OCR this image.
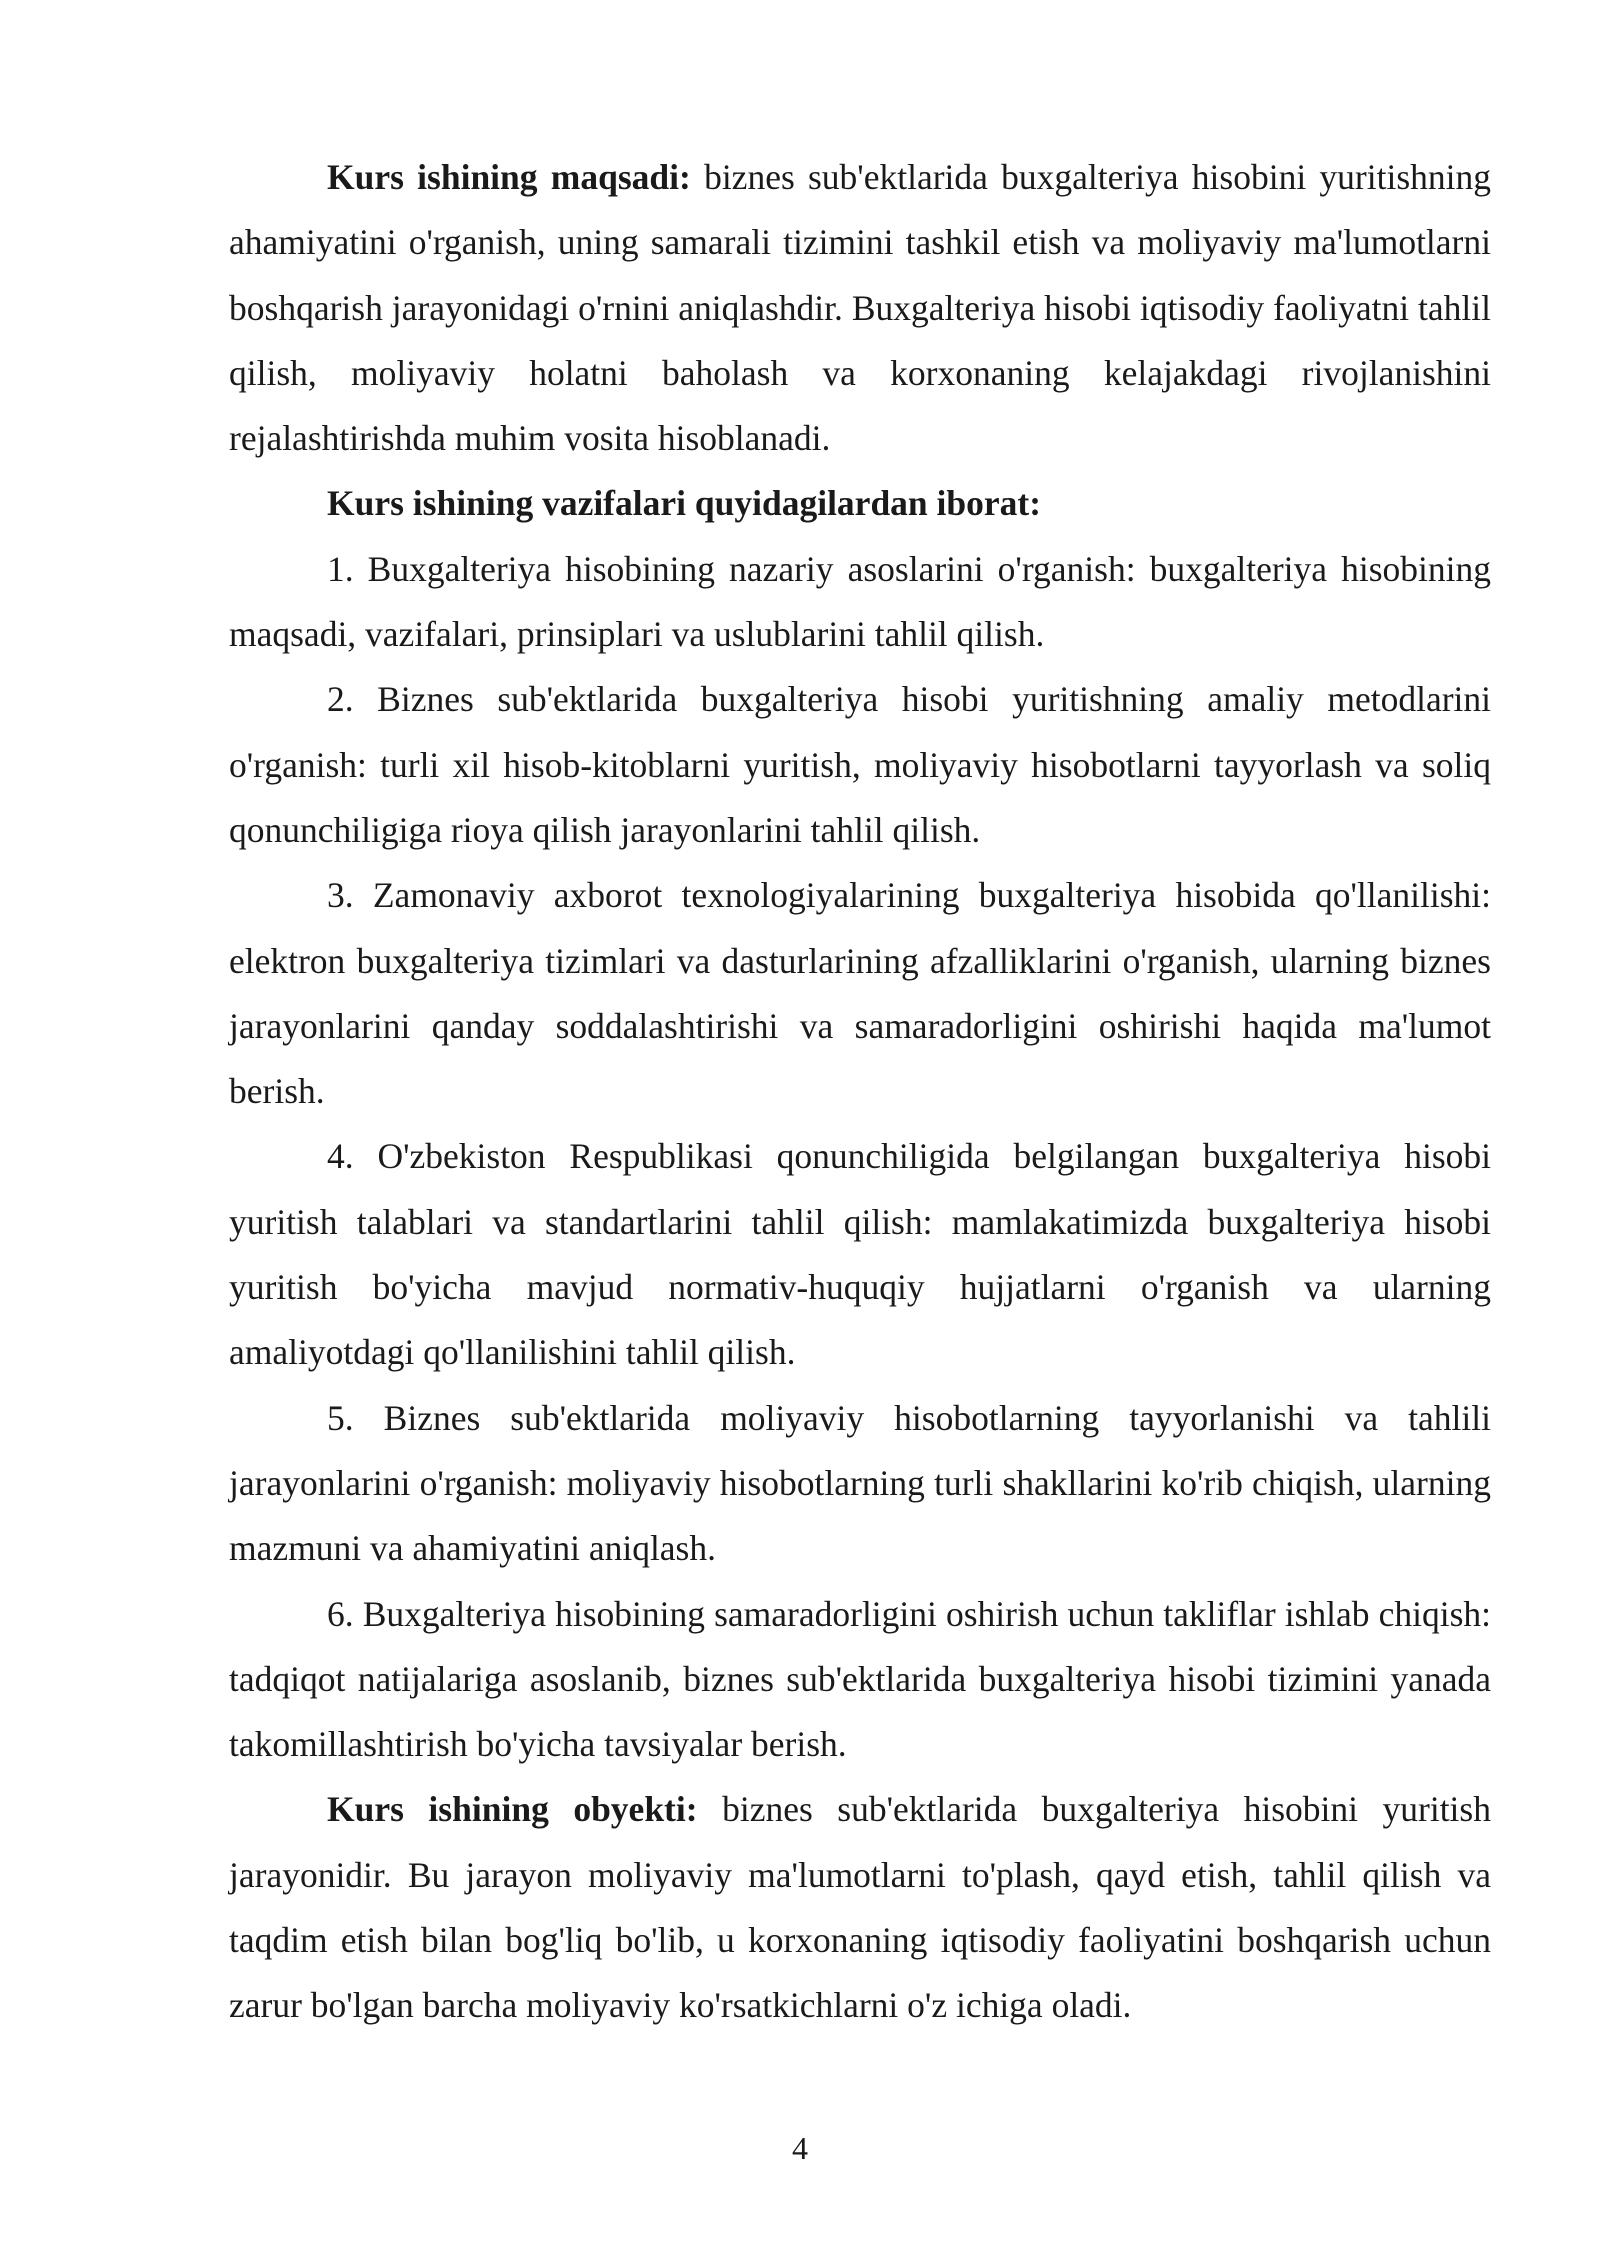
Kurs ishining maqsadi: biznes sub'ektlarida buxgalteriya hisobini yuritishning ahamiyatini o'rganish, uning samarali tizimini tashkil etish va moliyaviy ma'lumotlarni boshqarish jarayonidagi o'rnini aniqlashdir. Buxgalteriya hisobi iqtisodiy faoliyatni tahlil qilish, moliyaviy holatni baholash va korxonaning kelajakdagi rivojlanishini rejalashtirishda muhim vosita hisoblanadi.

Kurs ishining vazifalari quyidagilardan iborat:

1. Buxgalteriya hisobining nazariy asoslarini o'rganish: buxgalteriya hisobining maqsadi, vazifalari, prinsiplari va uslublarini tahlil qilish.

2. Biznes sub'ektlarida buxgalteriya hisobi yuritishning amaliy metodlarini o'rganish: turli xil hisob-kitoblarni yuritish, moliyaviy hisobotlarni tayyorlash va soliq qonunchiligiga rioya qilish jarayonlarini tahlil qilish.

3. Zamonaviy axborot texnologiyalarining buxgalteriya hisobida qo'llanilishi: elektron buxgalteriya tizimlari va dasturlarining afzalliklarini o'rganish, ularning biznes jarayonlarini qanday soddalashtirishi va samaradorligini oshirishi haqida ma'lumot berish.

4. O'zbekiston Respublikasi qonunchiligida belgilangan buxgalteriya hisobi yuritish talablari va standartlarini tahlil qilish: mamlakatimizda buxgalteriya hisobi yuritish bo'yicha mavjud normativ-huquqiy hujjatlarni o'rganish va ularning amaliyotdagi qo'llanilishini tahlil qilish.

5. Biznes sub'ektlarida moliyaviy hisobotlarning tayyorlanishi va tahlili jarayonlarini o'rganish: moliyaviy hisobotlarning turli shakllarini ko'rib chiqish, ularning mazmuni va ahamiyatini aniqlash.

6. Buxgalteriya hisobining samaradorligini oshirish uchun takliflar ishlab chiqish: tadqiqot natijalariga asoslanib, biznes sub'ektlarida buxgalteriya hisobi tizimini yanada takomillashtirish bo'yicha tavsiyalar berish.

Kurs ishining obyekti: biznes sub'ektlarida buxgalteriya hisobini yuritish jarayonidir. Bu jarayon moliyaviy ma'lumotlarni to'plash, qayd etish, tahlil qilish va taqdim etish bilan bog'liq bo'lib, u korxonaning iqtisodiy faoliyatini boshqarish uchun zarur bo'lgan barcha moliyaviy ko'rsatkichlarni o'z ichiga oladi.

4
